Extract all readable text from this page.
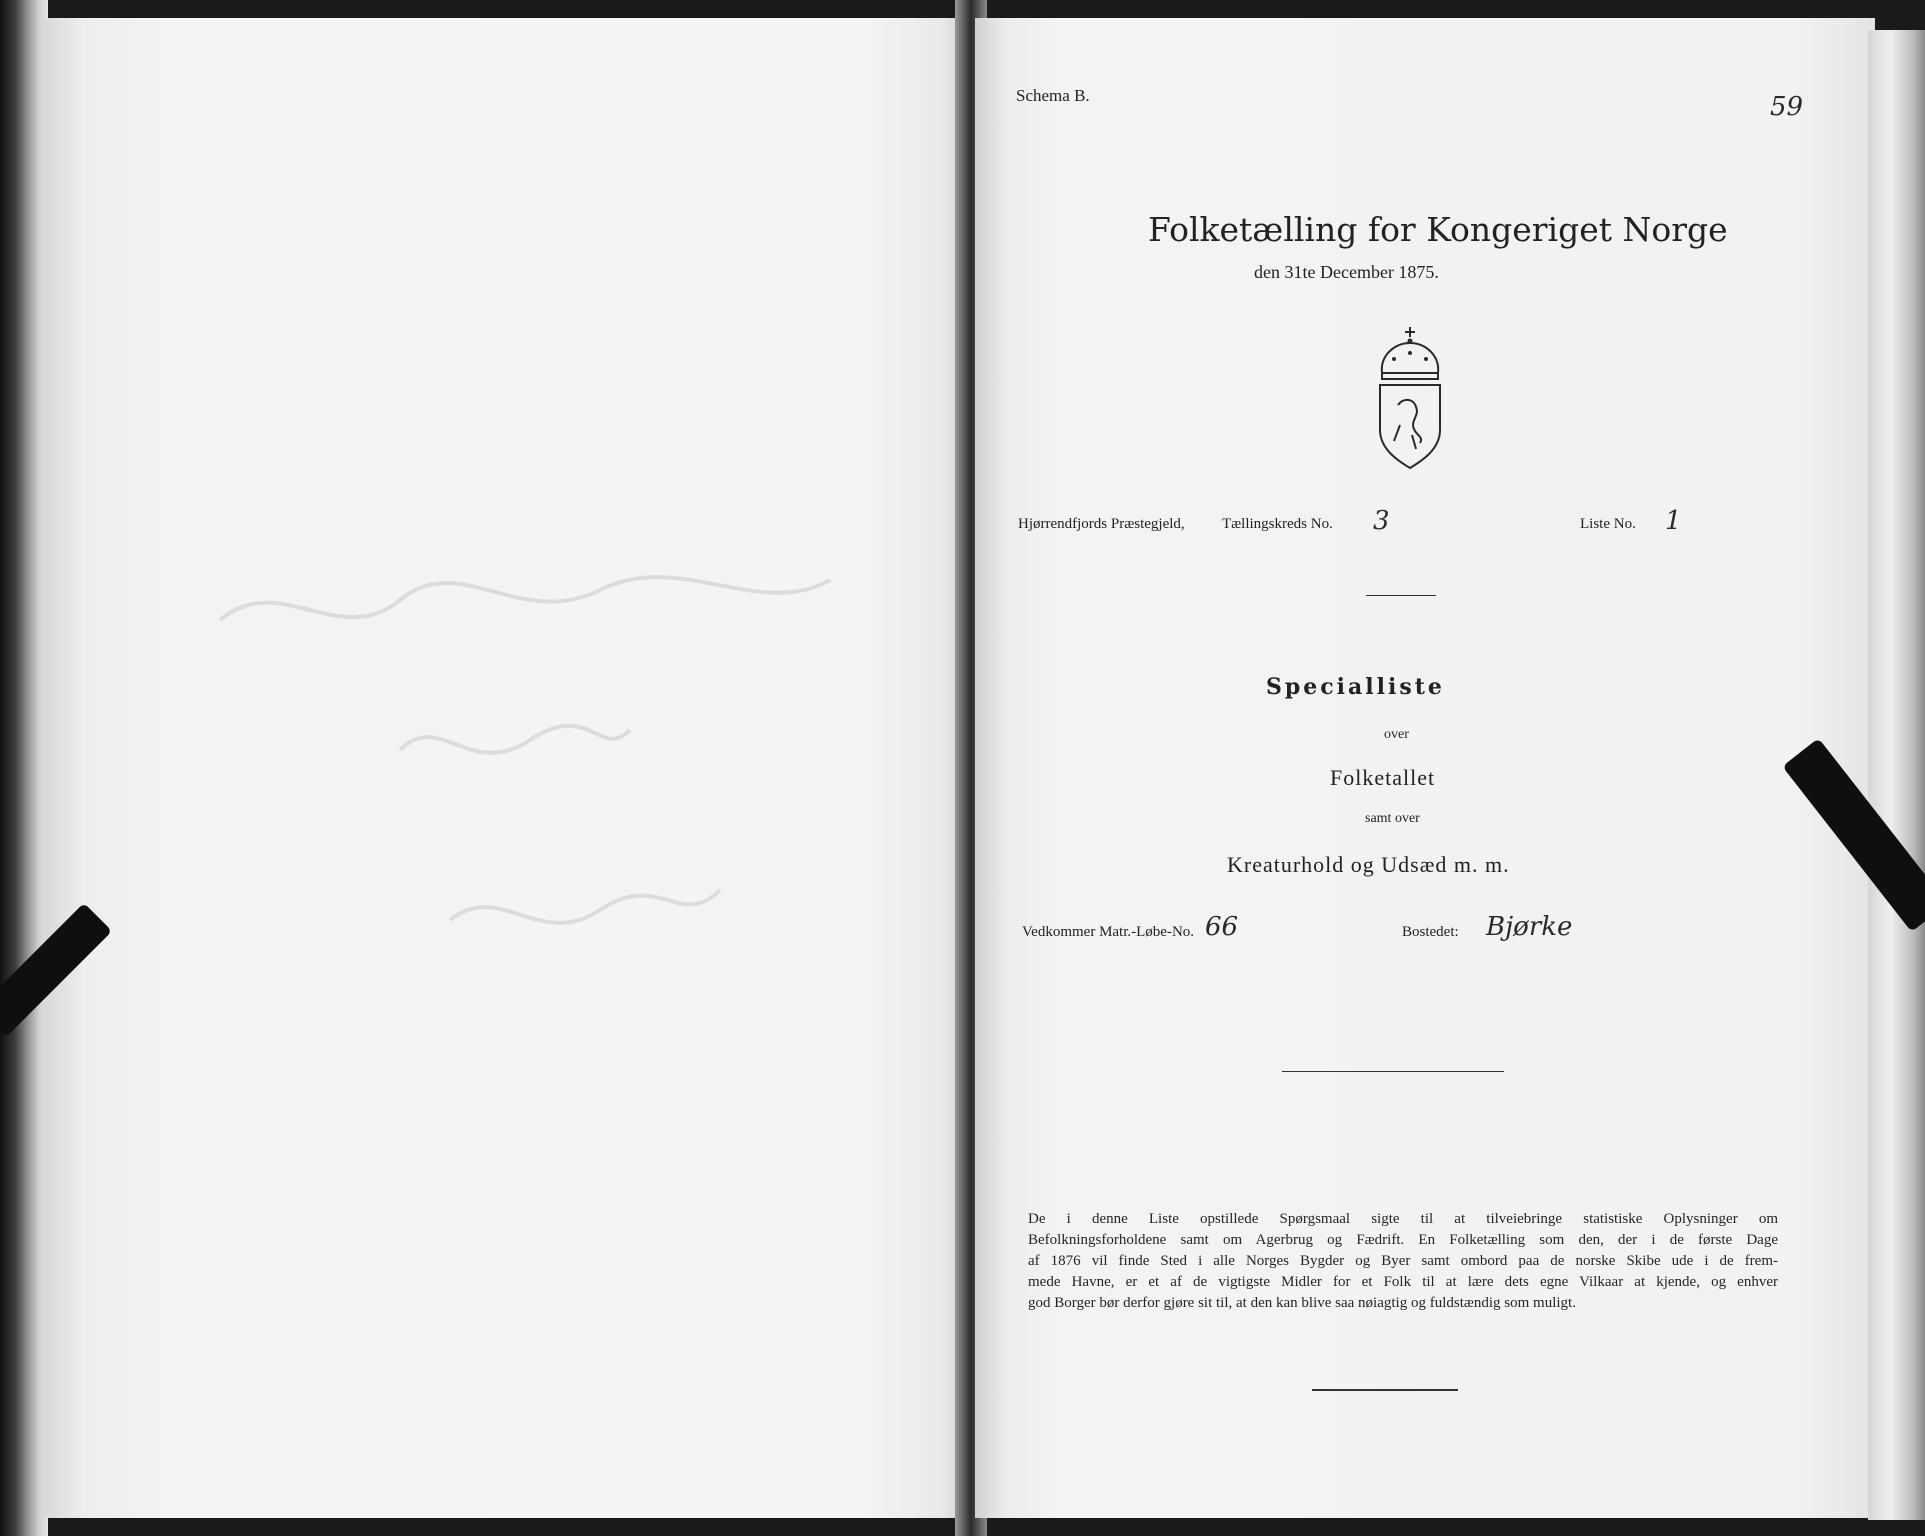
Schema B.	59
Folketælling for Kongeriget Norge
den 31te December 1875.
Hjørrendfjords Præstegjeld, Tællingskreds No. 3	Liste No. 1
Specialliste
over
Folketallet
samt over
Kreaturhold og Udsæd m. m.
Vedkommer Matr.-Løbe-No. 66	Bostedet: Bjørke
De i denne Liste opstillede Spørgsmaal sigte til at tilveiebringe statistiske Oplysninger om
Befolkningsforholdene samt om Agerbrug og Fædrift. En Folketælling som den, der i de første Dage
af 1876 vil finde Sted i alle Norges Bygder og Byer samt ombord paa de norske Skibe ude i de frem-
mede Havne, er et af de vigtigste Midler for et Folk til at lære dets egne Vilkaar at kjende, og enhver
god Borger bør derfor gjøre sit til, at den kan blive saa nøiagtig og fuldstændig som muligt.
